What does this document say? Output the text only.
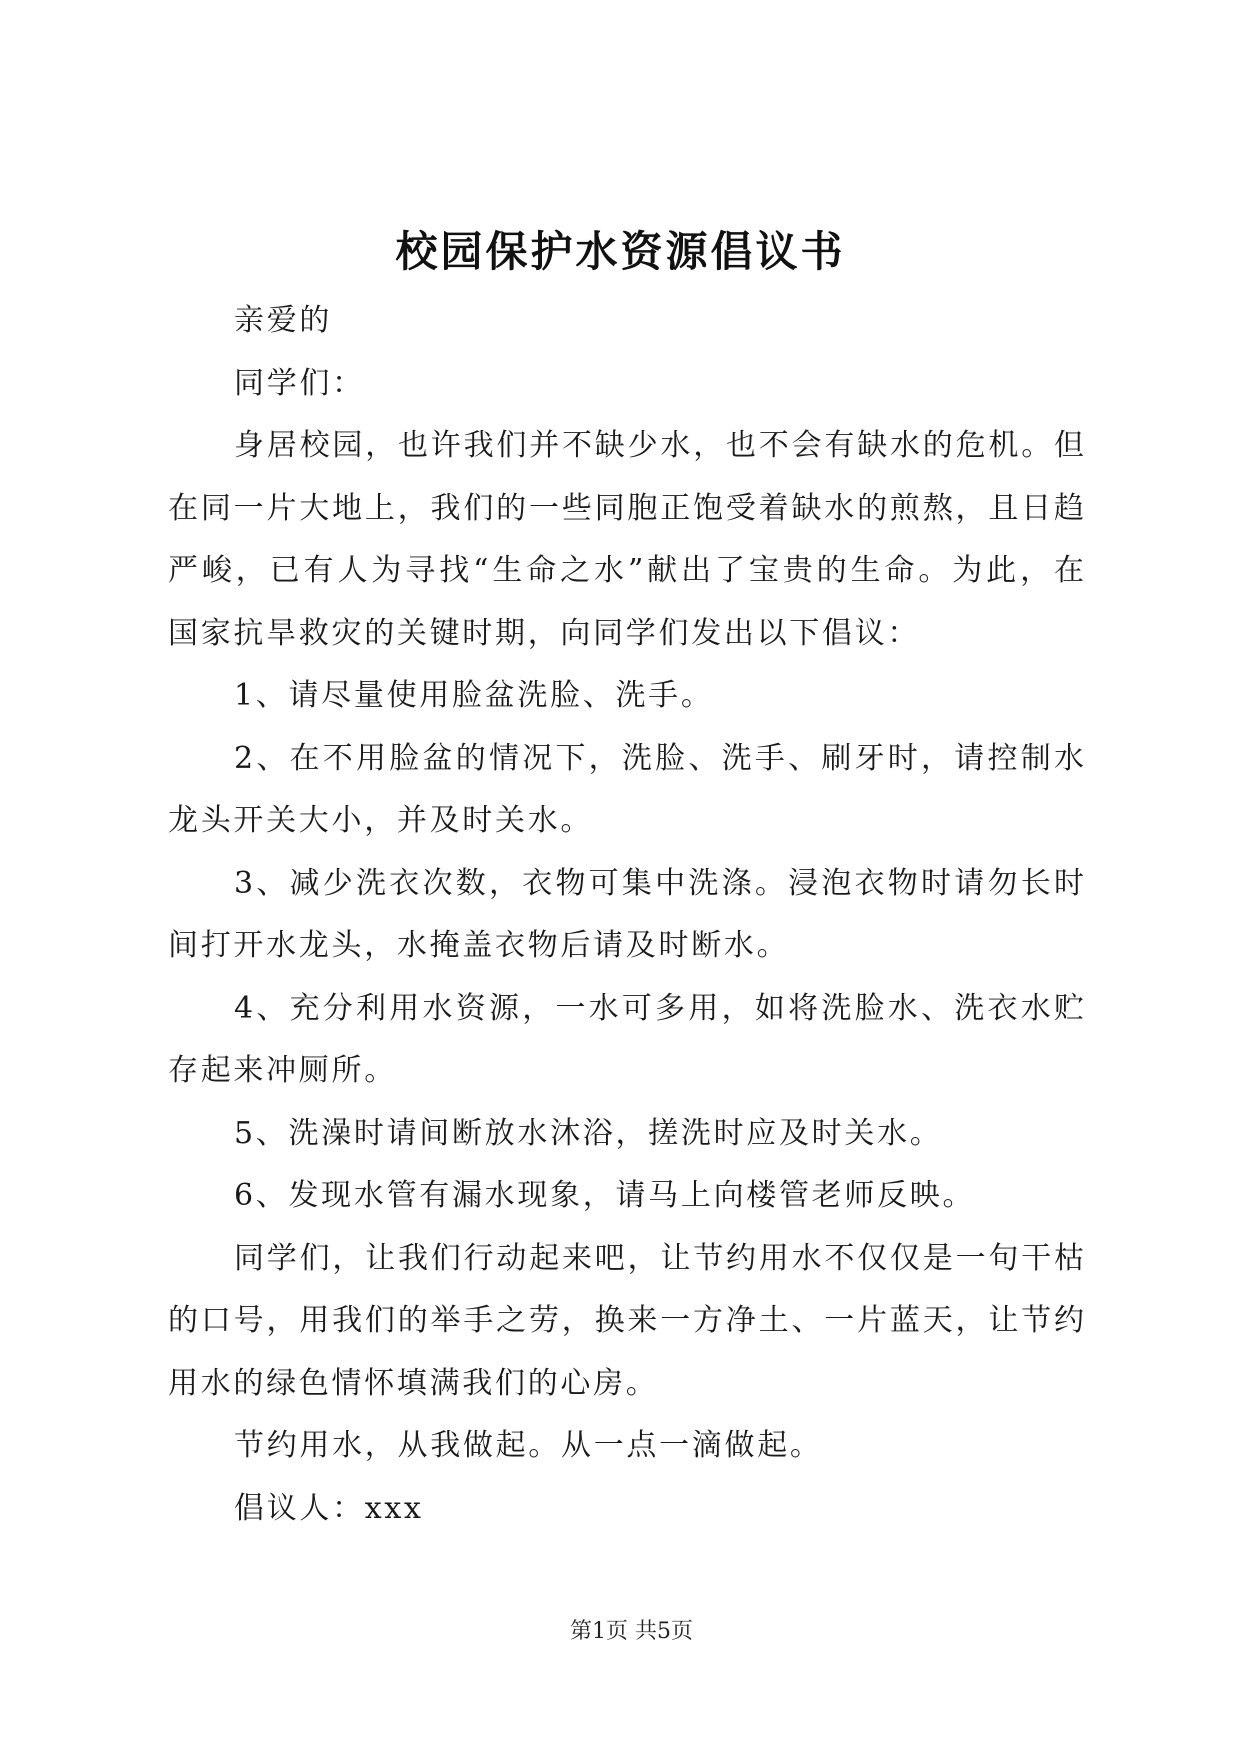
校园保护水资源倡议书
亲爱的
同学们：
身居校园，也许我们并不缺少水，也不会有缺水的危机。但
在同一片大地上，我们的一些同胞正饱受着缺水的煎熬，且日趋
严峻，已有人为寻找“生命之水”献出了宝贵的生命。为此，在
国家抗旱救灾的关键时期，向同学们发出以下倡议：
1、请尽量使用脸盆洗脸、洗手。
2、在不用脸盆的情况下，洗脸、洗手、刷牙时，请控制水
龙头开关大小，并及时关水。
3、减少洗衣次数，衣物可集中洗涤。浸泡衣物时请勿长时
间打开水龙头，水掩盖衣物后请及时断水。
4、充分利用水资源，一水可多用，如将洗脸水、洗衣水贮
存起来冲厕所。
5、洗澡时请间断放水沐浴，搓洗时应及时关水。
6、发现水管有漏水现象，请马上向楼管老师反映。
同学们，让我们行动起来吧，让节约用水不仅仅是一句干枯
的口号，用我们的举手之劳，换来一方净土、一片蓝天，让节约
用水的绿色情怀填满我们的心房。
节约用水，从我做起。从一点一滴做起。
倡议人：xxx
第1页 共5页
